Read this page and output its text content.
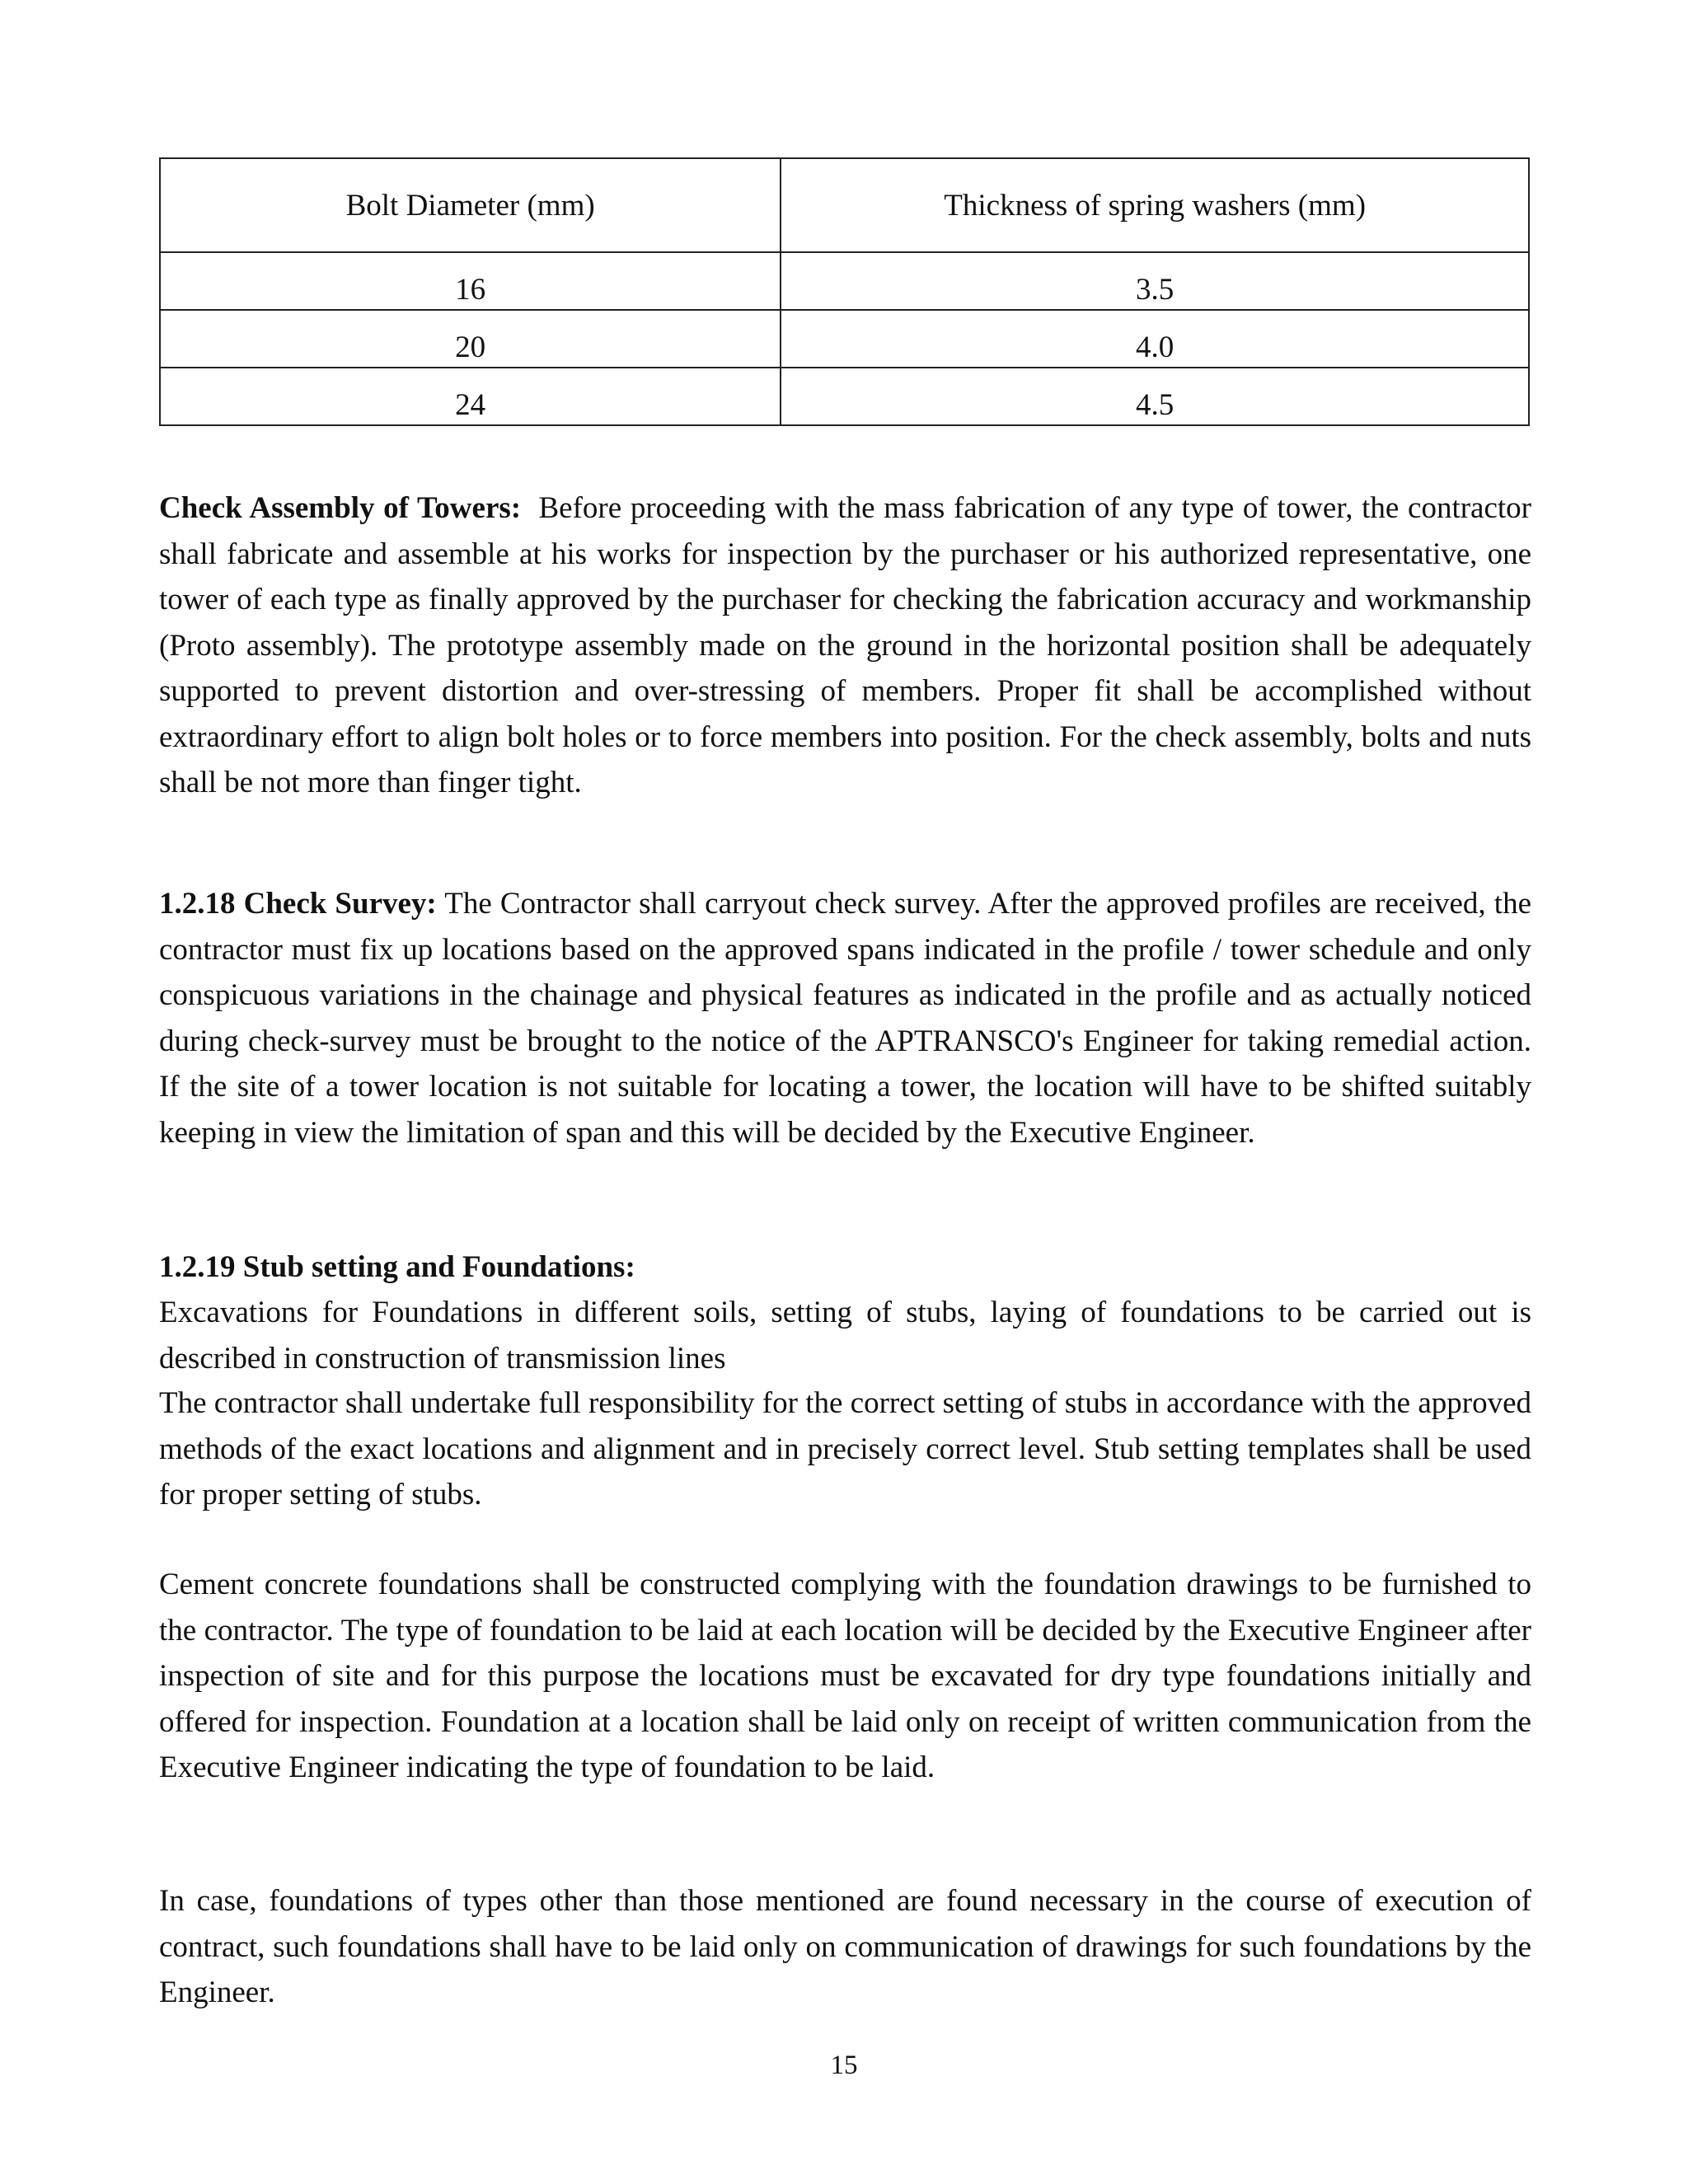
Bolt Diameter (mm)	Thickness of spring washers (mm)
16	3.5
20	4.0
24	4.5

Check Assembly of Towers: Before proceeding with the mass fabrication of any type of tower, the contractor shall fabricate and assemble at his works for inspection by the purchaser or his authorized representative, one tower of each type as finally approved by the purchaser for checking the fabrication accuracy and workmanship (Proto assembly). The prototype assembly made on the ground in the horizontal position shall be adequately supported to prevent distortion and over-stressing of members. Proper fit shall be accomplished without extraordinary effort to align bolt holes or to force members into position. For the check assembly, bolts and nuts shall be not more than finger tight.

1.2.18 Check Survey: The Contractor shall carryout check survey. After the approved profiles are received, the contractor must fix up locations based on the approved spans indicated in the profile / tower schedule and only conspicuous variations in the chainage and physical features as indicated in the profile and as actually noticed during check-survey must be brought to the notice of the APTRANSCO's Engineer for taking remedial action. If the site of a tower location is not suitable for locating a tower, the location will have to be shifted suitably keeping in view the limitation of span and this will be decided by the Executive Engineer.

1.2.19 Stub setting and Foundations:

Excavations for Foundations in different soils, setting of stubs, laying of foundations to be carried out is described in construction of transmission lines

The contractor shall undertake full responsibility for the correct setting of stubs in accordance with the approved methods of the exact locations and alignment and in precisely correct level. Stub setting templates shall be used for proper setting of stubs.

Cement concrete foundations shall be constructed complying with the foundation drawings to be furnished to the contractor. The type of foundation to be laid at each location will be decided by the Executive Engineer after inspection of site and for this purpose the locations must be excavated for dry type foundations initially and offered for inspection. Foundation at a location shall be laid only on receipt of written communication from the Executive Engineer indicating the type of foundation to be laid.

In case, foundations of types other than those mentioned are found necessary in the course of execution of contract, such foundations shall have to be laid only on communication of drawings for such foundations by the Engineer.

15
